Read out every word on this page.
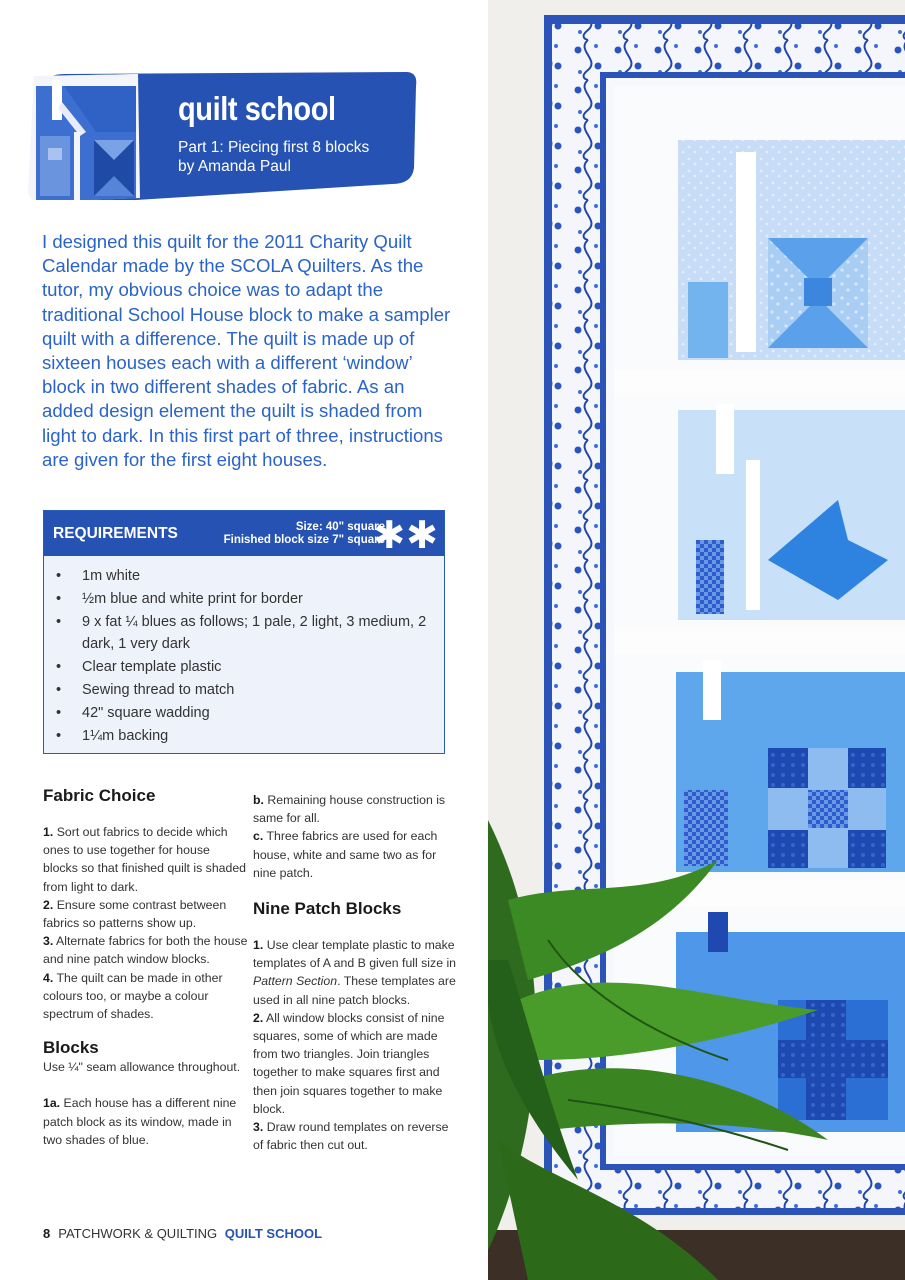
quilt school

Part 1: Piecing first 8 blocks
by Amanda Paul

I designed this quilt for the 2011 Charity Quilt Calendar made by the SCOLA Quilters. As the tutor, my obvious choice was to adapt the traditional School House block to make a sampler quilt with a difference. The quilt is made up of sixteen houses each with a different ‘window’ block in two different shades of fabric. As an added design element the quilt is shaded from light to dark. In this first part of three, instructions are given for the first eight houses.

REQUIREMENTS	Size: 40" square
Finished block size 7" square
✱✱
• 1m white
• ½m blue and white print for border
• 9 x fat ¼ blues as follows; 1 pale, 2 light, 3 medium, 2 dark, 1 very dark
• Clear template plastic
• Sewing thread to match
• 42" square wadding
• 1¼m backing
Fabric Choice

1. Sort out fabrics to decide which ones to use together for house blocks so that finished quilt is shaded from light to dark.

2. Ensure some contrast between fabrics so patterns show up.

3. Alternate fabrics for both the house and nine patch window blocks.

4. The quilt can be made in other colours too, or maybe a colour spectrum of shades.

Blocks

Use ¼" seam allowance throughout.

1a. Each house has a different nine patch block as its window, made in two shades of blue.

b. Remaining house construction is same for all.

c. Three fabrics are used for each house, white and same two as for nine patch.

Nine Patch Blocks

1. Use clear template plastic to make templates of A and B given full size in Pattern Section. These templates are used in all nine patch blocks.

2. All window blocks consist of nine squares, some of which are made from two triangles. Join triangles together to make squares first and then join squares together to make block.

3. Draw round templates on reverse of fabric then cut out.

8 PATCHWORK & QUILTING QUILT SCHOOL
